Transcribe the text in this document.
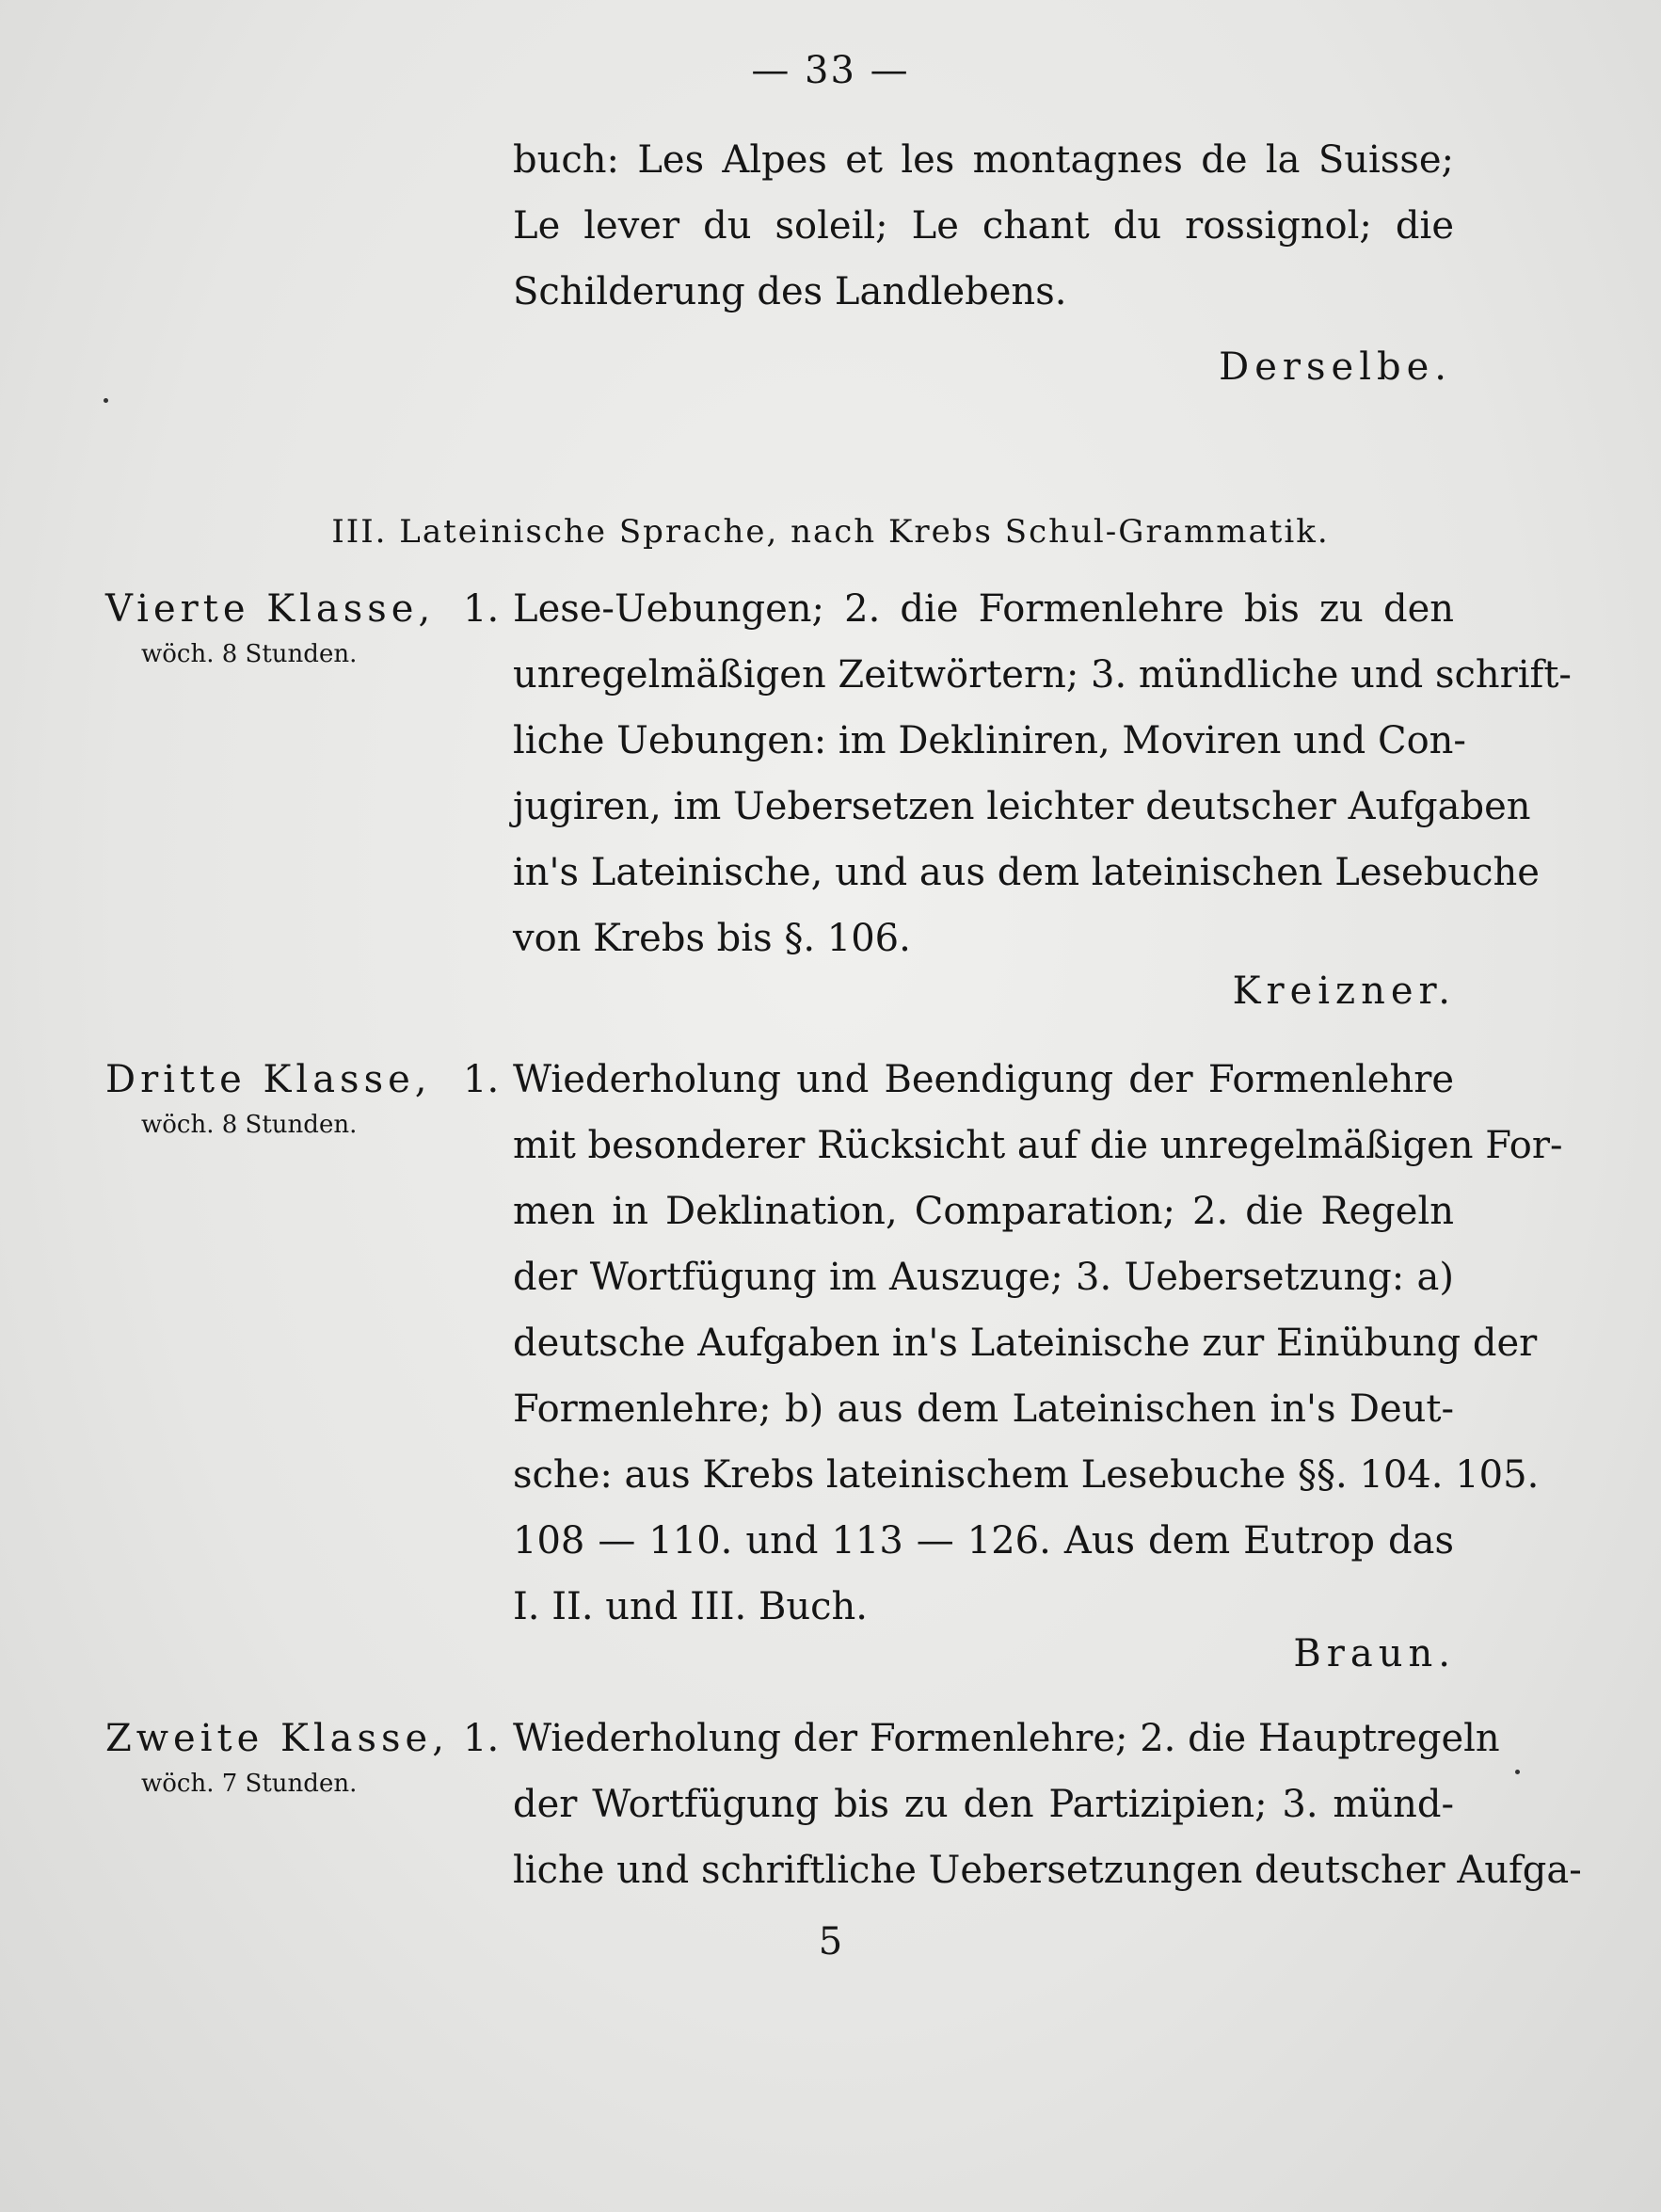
— 33 —
buch: Les Alpes et les montagnes de la Suisse;
Le lever du soleil; Le chant du rossignol; die
Schilderung des Landlebens.
Derselbe.
III. Lateinische Sprache, nach Krebs Schul-Grammatik.
Vierte Klasse,
wöch. 8 Stunden.
1. Lese-Uebungen; 2. die Formenlehre bis zu den
unregelmäßigen Zeitwörtern; 3. mündliche und schrift-
liche Uebungen: im Dekliniren, Moviren und Con-
jugiren, im Uebersetzen leichter deutscher Aufgaben
in's Lateinische, und aus dem lateinischen Lesebuche
von Krebs bis §. 106.
Kreizner.
Dritte Klasse,
wöch. 8 Stunden.
1. Wiederholung und Beendigung der Formenlehre
mit besonderer Rücksicht auf die unregelmäßigen For-
men in Deklination, Comparation; 2. die Regeln
der Wortfügung im Auszuge; 3. Uebersetzung: a)
deutsche Aufgaben in's Lateinische zur Einübung der
Formenlehre; b) aus dem Lateinischen in's Deut-
sche: aus Krebs lateinischem Lesebuche §§. 104. 105.
108 — 110. und 113 — 126. Aus dem Eutrop das
I. II. und III. Buch.
Braun.
Zweite Klasse,
wöch. 7 Stunden.
1. Wiederholung der Formenlehre; 2. die Hauptregeln
der Wortfügung bis zu den Partizipien; 3. münd-
liche und schriftliche Uebersetzungen deutscher Aufga-
5
